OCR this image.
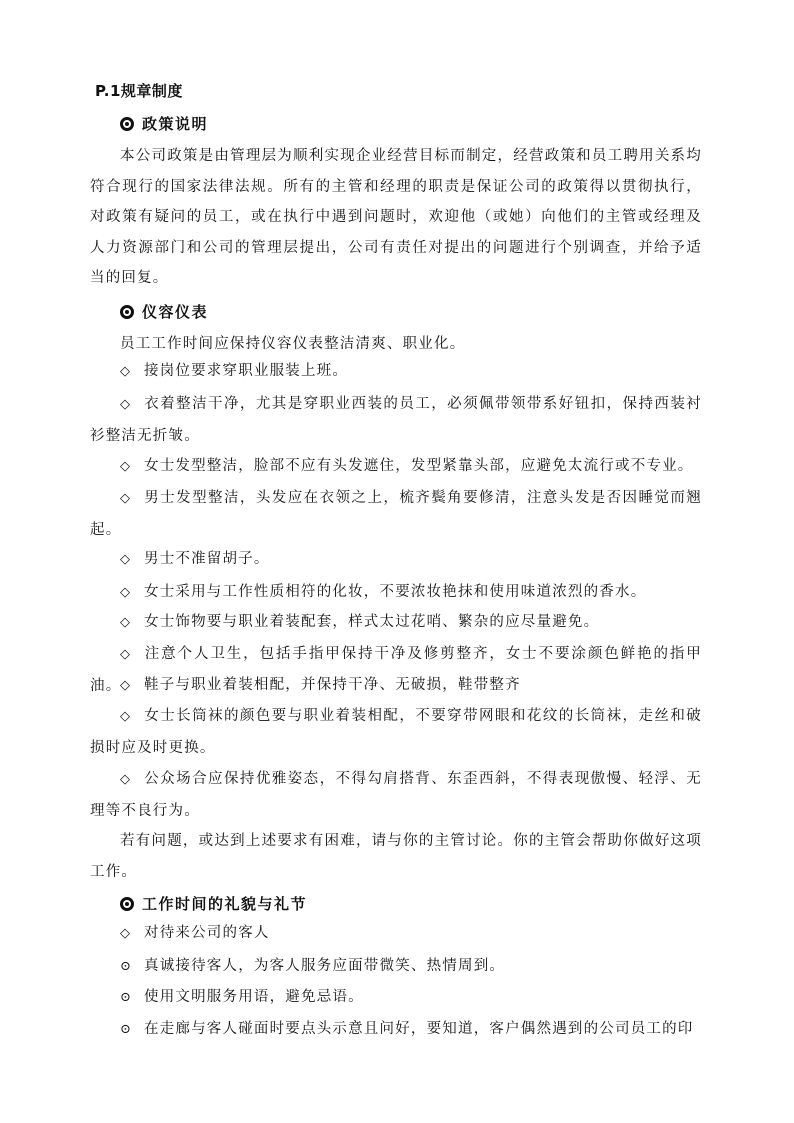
P.1规章制度
政策说明

本公司政策是由管理层为顺利实现企业经营目标而制定，经营政策和员工聘用关系均符合现行的国家法律法规。所有的主管和经理的职责是保证公司的政策得以贯彻执行，对政策有疑问的员工，或在执行中遇到问题时，欢迎他（或她）向他们的主管或经理及人力资源部门和公司的管理层提出，公司有责任对提出的问题进行个别调查，并给予适当的回复。

仪容仪表

员工工作时间应保持仪容仪表整洁清爽、职业化。

◇ 接岗位要求穿职业服装上班。

◇ 衣着整洁干净，尤其是穿职业西装的员工，必须佩带领带系好钮扣，保持西装衬衫整洁无折皱。

◇ 女士发型整洁，脸部不应有头发遮住，发型紧靠头部，应避免太流行或不专业。

◇ 男士发型整洁，头发应在衣领之上，梳齐鬓角要修清，注意头发是否因睡觉而翘起。

◇ 男士不准留胡子。

◇ 女士采用与工作性质相符的化妆，不要浓妆艳抹和使用味道浓烈的香水。

◇ 女士饰物要与职业着装配套，样式太过花哨、繁杂的应尽量避免。

◇ 注意个人卫生，包括手指甲保持干净及修剪整齐，女士不要涂颜色鲜艳的指甲油。

◇ 鞋子与职业着装相配，并保持干净、无破损，鞋带整齐

◇ 女士长筒袜的颜色要与职业着装相配，不要穿带网眼和花纹的长筒袜，走丝和破损时应及时更换。

◇ 公众场合应保持优雅姿态，不得勾肩搭背、东歪西斜，不得表现傲慢、轻浮、无理等不良行为。

若有问题，或达到上述要求有困难，请与你的主管讨论。你的主管会帮助你做好这项工作。

工作时间的礼貌与礼节

◇ 对待来公司的客人

⊙ 真诚接待客人，为客人服务应面带微笑、热情周到。

⊙ 使用文明服务用语，避免忌语。

⊙ 在走廊与客人碰面时要点头示意且问好，要知道，客户偶然遇到的公司员工的印
